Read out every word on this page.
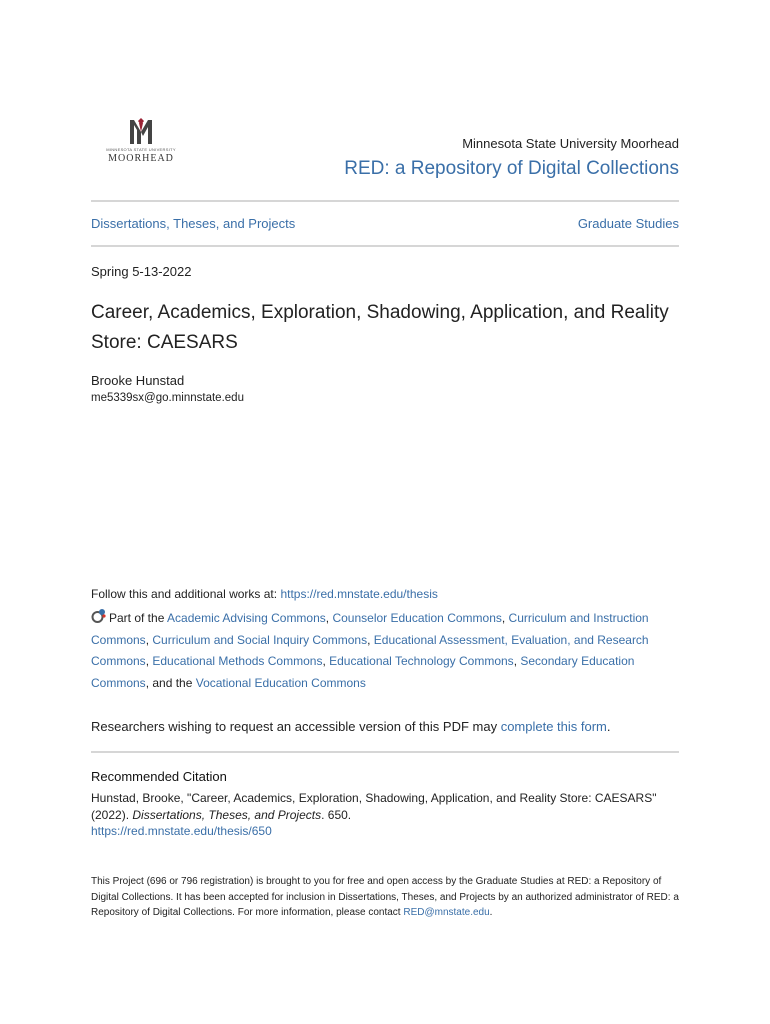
MINNESOTA STATE UNIVERSITY
MOORHEAD
Minnesota State University Moorhead
RED: a Repository of Digital Collections
Dissertations, Theses, and Projects	Graduate Studies
Spring 5-13-2022
Career, Academics, Exploration, Shadowing, Application, and Reality Store: CAESARS
Brooke Hunstad
me5339sx@go.minnstate.edu
Follow this and additional works at: https://red.mnstate.edu/thesis
Part of the Academic Advising Commons, Counselor Education Commons, Curriculum and Instruction Commons, Curriculum and Social Inquiry Commons, Educational Assessment, Evaluation, and Research Commons, Educational Methods Commons, Educational Technology Commons, Secondary Education Commons, and the Vocational Education Commons
Researchers wishing to request an accessible version of this PDF may complete this form.
Recommended Citation
Hunstad, Brooke, "Career, Academics, Exploration, Shadowing, Application, and Reality Store: CAESARS" (2022). Dissertations, Theses, and Projects. 650.
https://red.mnstate.edu/thesis/650
This Project (696 or 796 registration) is brought to you for free and open access by the Graduate Studies at RED: a Repository of Digital Collections. It has been accepted for inclusion in Dissertations, Theses, and Projects by an authorized administrator of RED: a Repository of Digital Collections. For more information, please contact RED@mnstate.edu.
